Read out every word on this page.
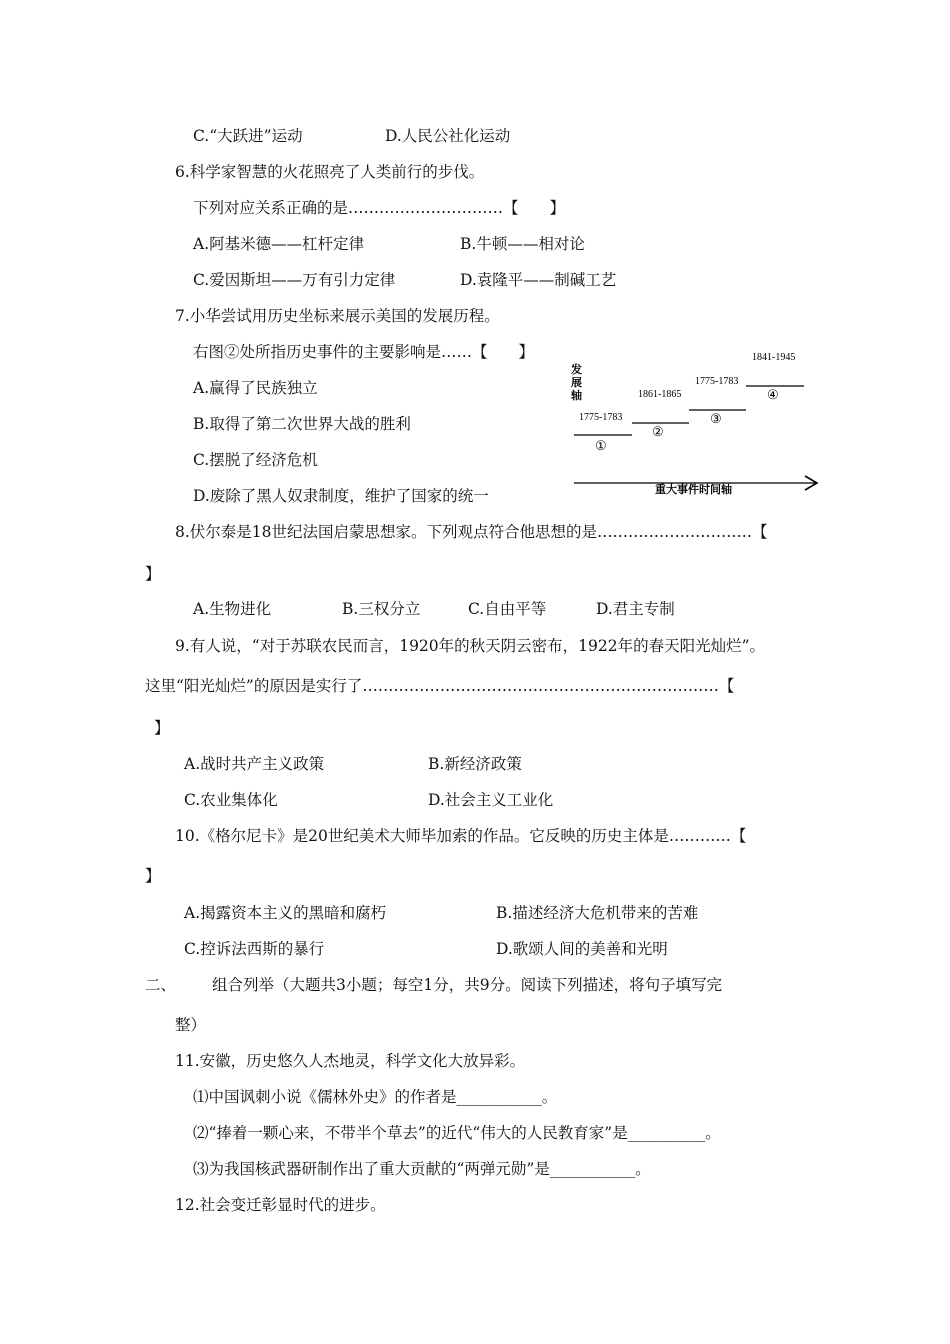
C.“大跃进”运动	D.人民公社化运动
6.科学家智慧的火花照亮了人类前行的步伐。
下列对应关系正确的是…………………………【　　】
A.阿基米德——杠杆定律	B.牛顿——相对论
C.爱因斯坦——万有引力定律	D.袁隆平——制碱工艺
7.小华尝试用历史坐标来展示美国的发展历程。
右图②处所指历史事件的主要影响是……【　　】
A.赢得了民族独立
B.取得了第二次世界大战的胜利
C.摆脱了经济危机
D.废除了黑人奴隶制度，维护了国家的统一
发
展
轴
1775-1783
①
1861-1865
②
1775-1783
③
1841-1945
④
重大事件时间轴
8.伏尔泰是18世纪法国启蒙思想家。下列观点符合他思想的是…………………………【
】
A.生物进化	B.三权分立	C.自由平等	D.君主专制
9.有人说，“对于苏联农民而言，1920年的秋天阴云密布，1922年的春天阳光灿烂”。
这里“阳光灿烂”的原因是实行了……………………………………………………………【
】
A.战时共产主义政策	B.新经济政策
C.农业集体化	D.社会主义工业化
10.《格尔尼卡》是20世纪美术大师毕加索的作品。它反映的历史主体是…………【
】
A.揭露资本主义的黑暗和腐朽	B.描述经济大危机带来的苦难
C.控诉法西斯的暴行	D.歌颂人间的美善和光明
二、 组合列举（大题共3小题；每空1分，共9分。阅读下列描述，将句子填写完
整）
11.安徽，历史悠久人杰地灵，科学文化大放异彩。
⑴中国讽刺小说《儒林外史》的作者是___________。
⑵“捧着一颗心来，不带半个草去”的近代“伟大的人民教育家”是__________。
⑶为我国核武器研制作出了重大贡献的“两弹元勋”是___________。
12.社会变迁彰显时代的进步。
